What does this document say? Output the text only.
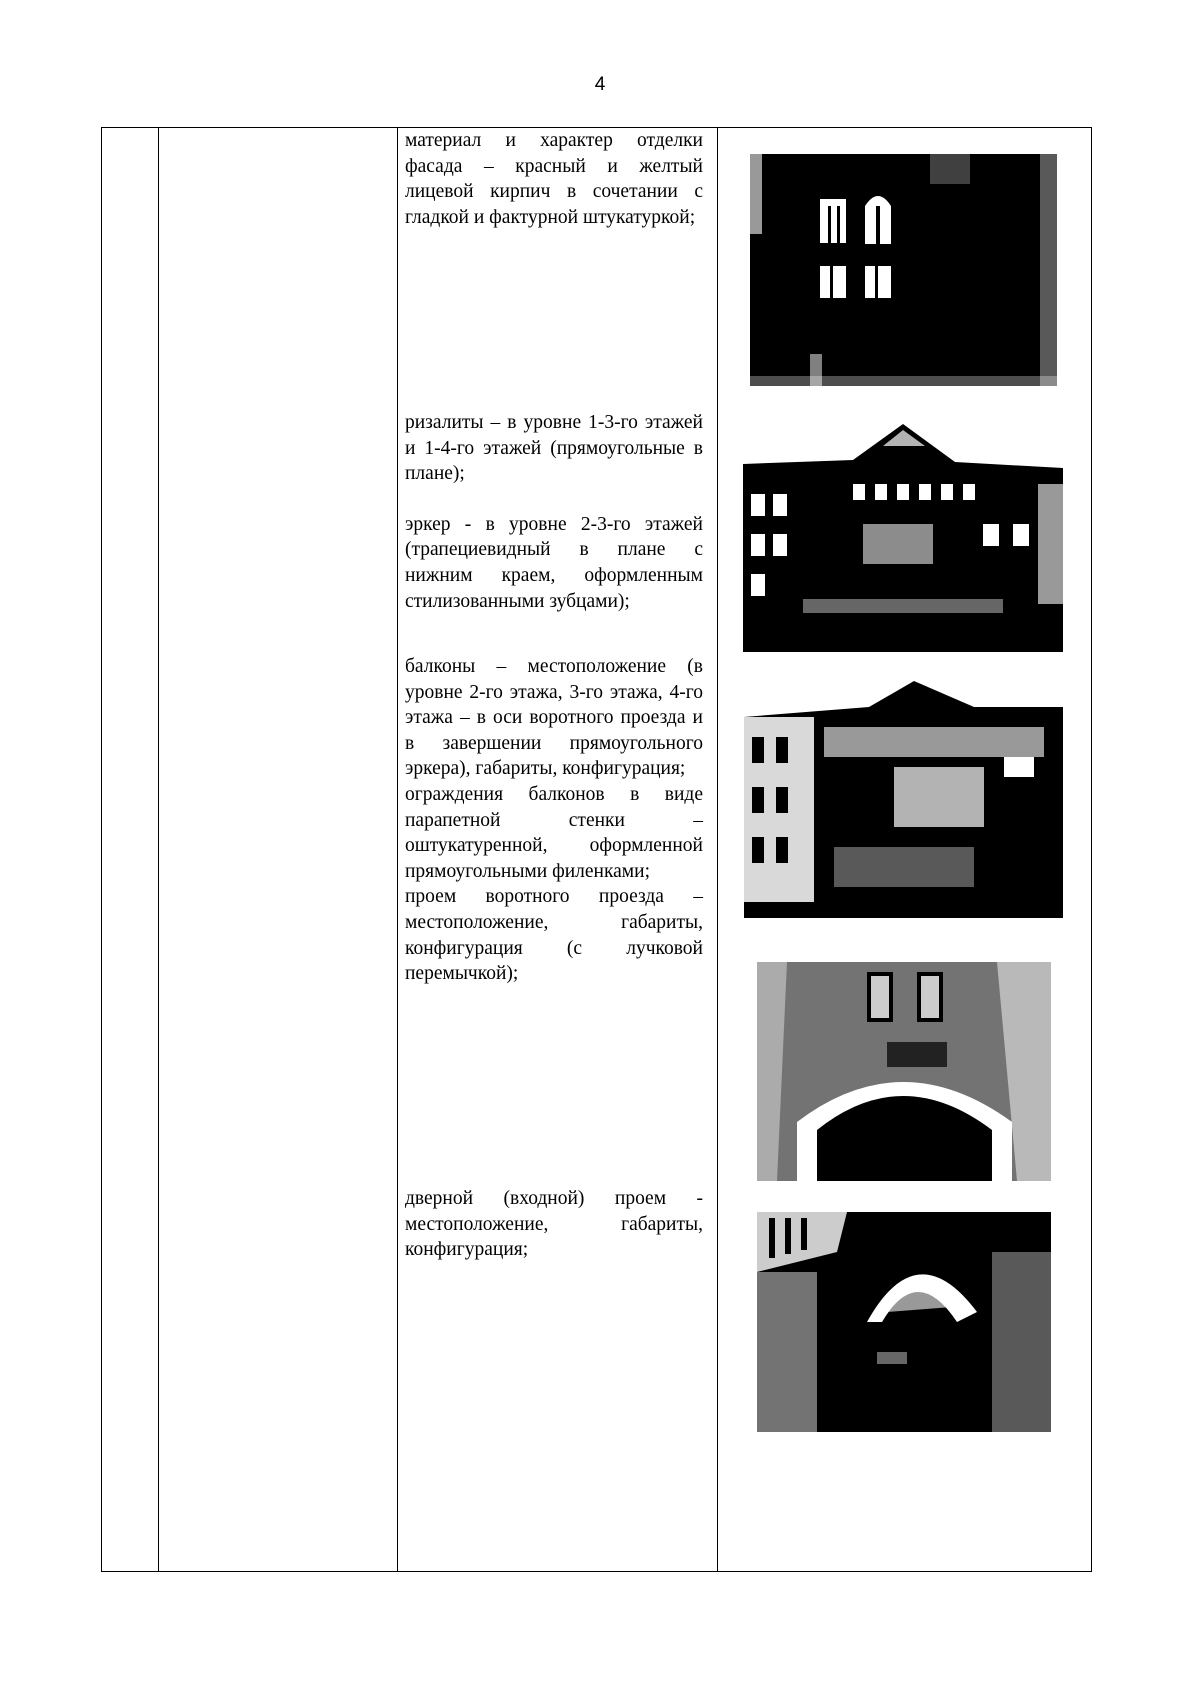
4

материал и характер отделки фасада – красный и желтый лицевой кирпич в сочетании с гладкой и фактурной штукатуркой;

ризалиты – в уровне 1-3-го этажей и 1-4-го этажей (прямоугольные в плане);

эркер - в уровне 2-3-го этажей (трапециевидный в плане с нижним краем, оформленным стилизованными зубцами);

балконы – местоположение (в уровне 2-го этажа, 3-го этажа, 4-го этажа – в оси воротного проезда и в завершении прямоугольного эркера), габариты, конфигурация;

ограждения балконов в виде парапетной стенки – оштукатуренной, оформленной прямоугольными филенками;

проем воротного проезда – местоположение, габариты, конфигурация (с лучковой перемычкой);

дверной (входной) проем - местоположение, габариты, конфигурация;
